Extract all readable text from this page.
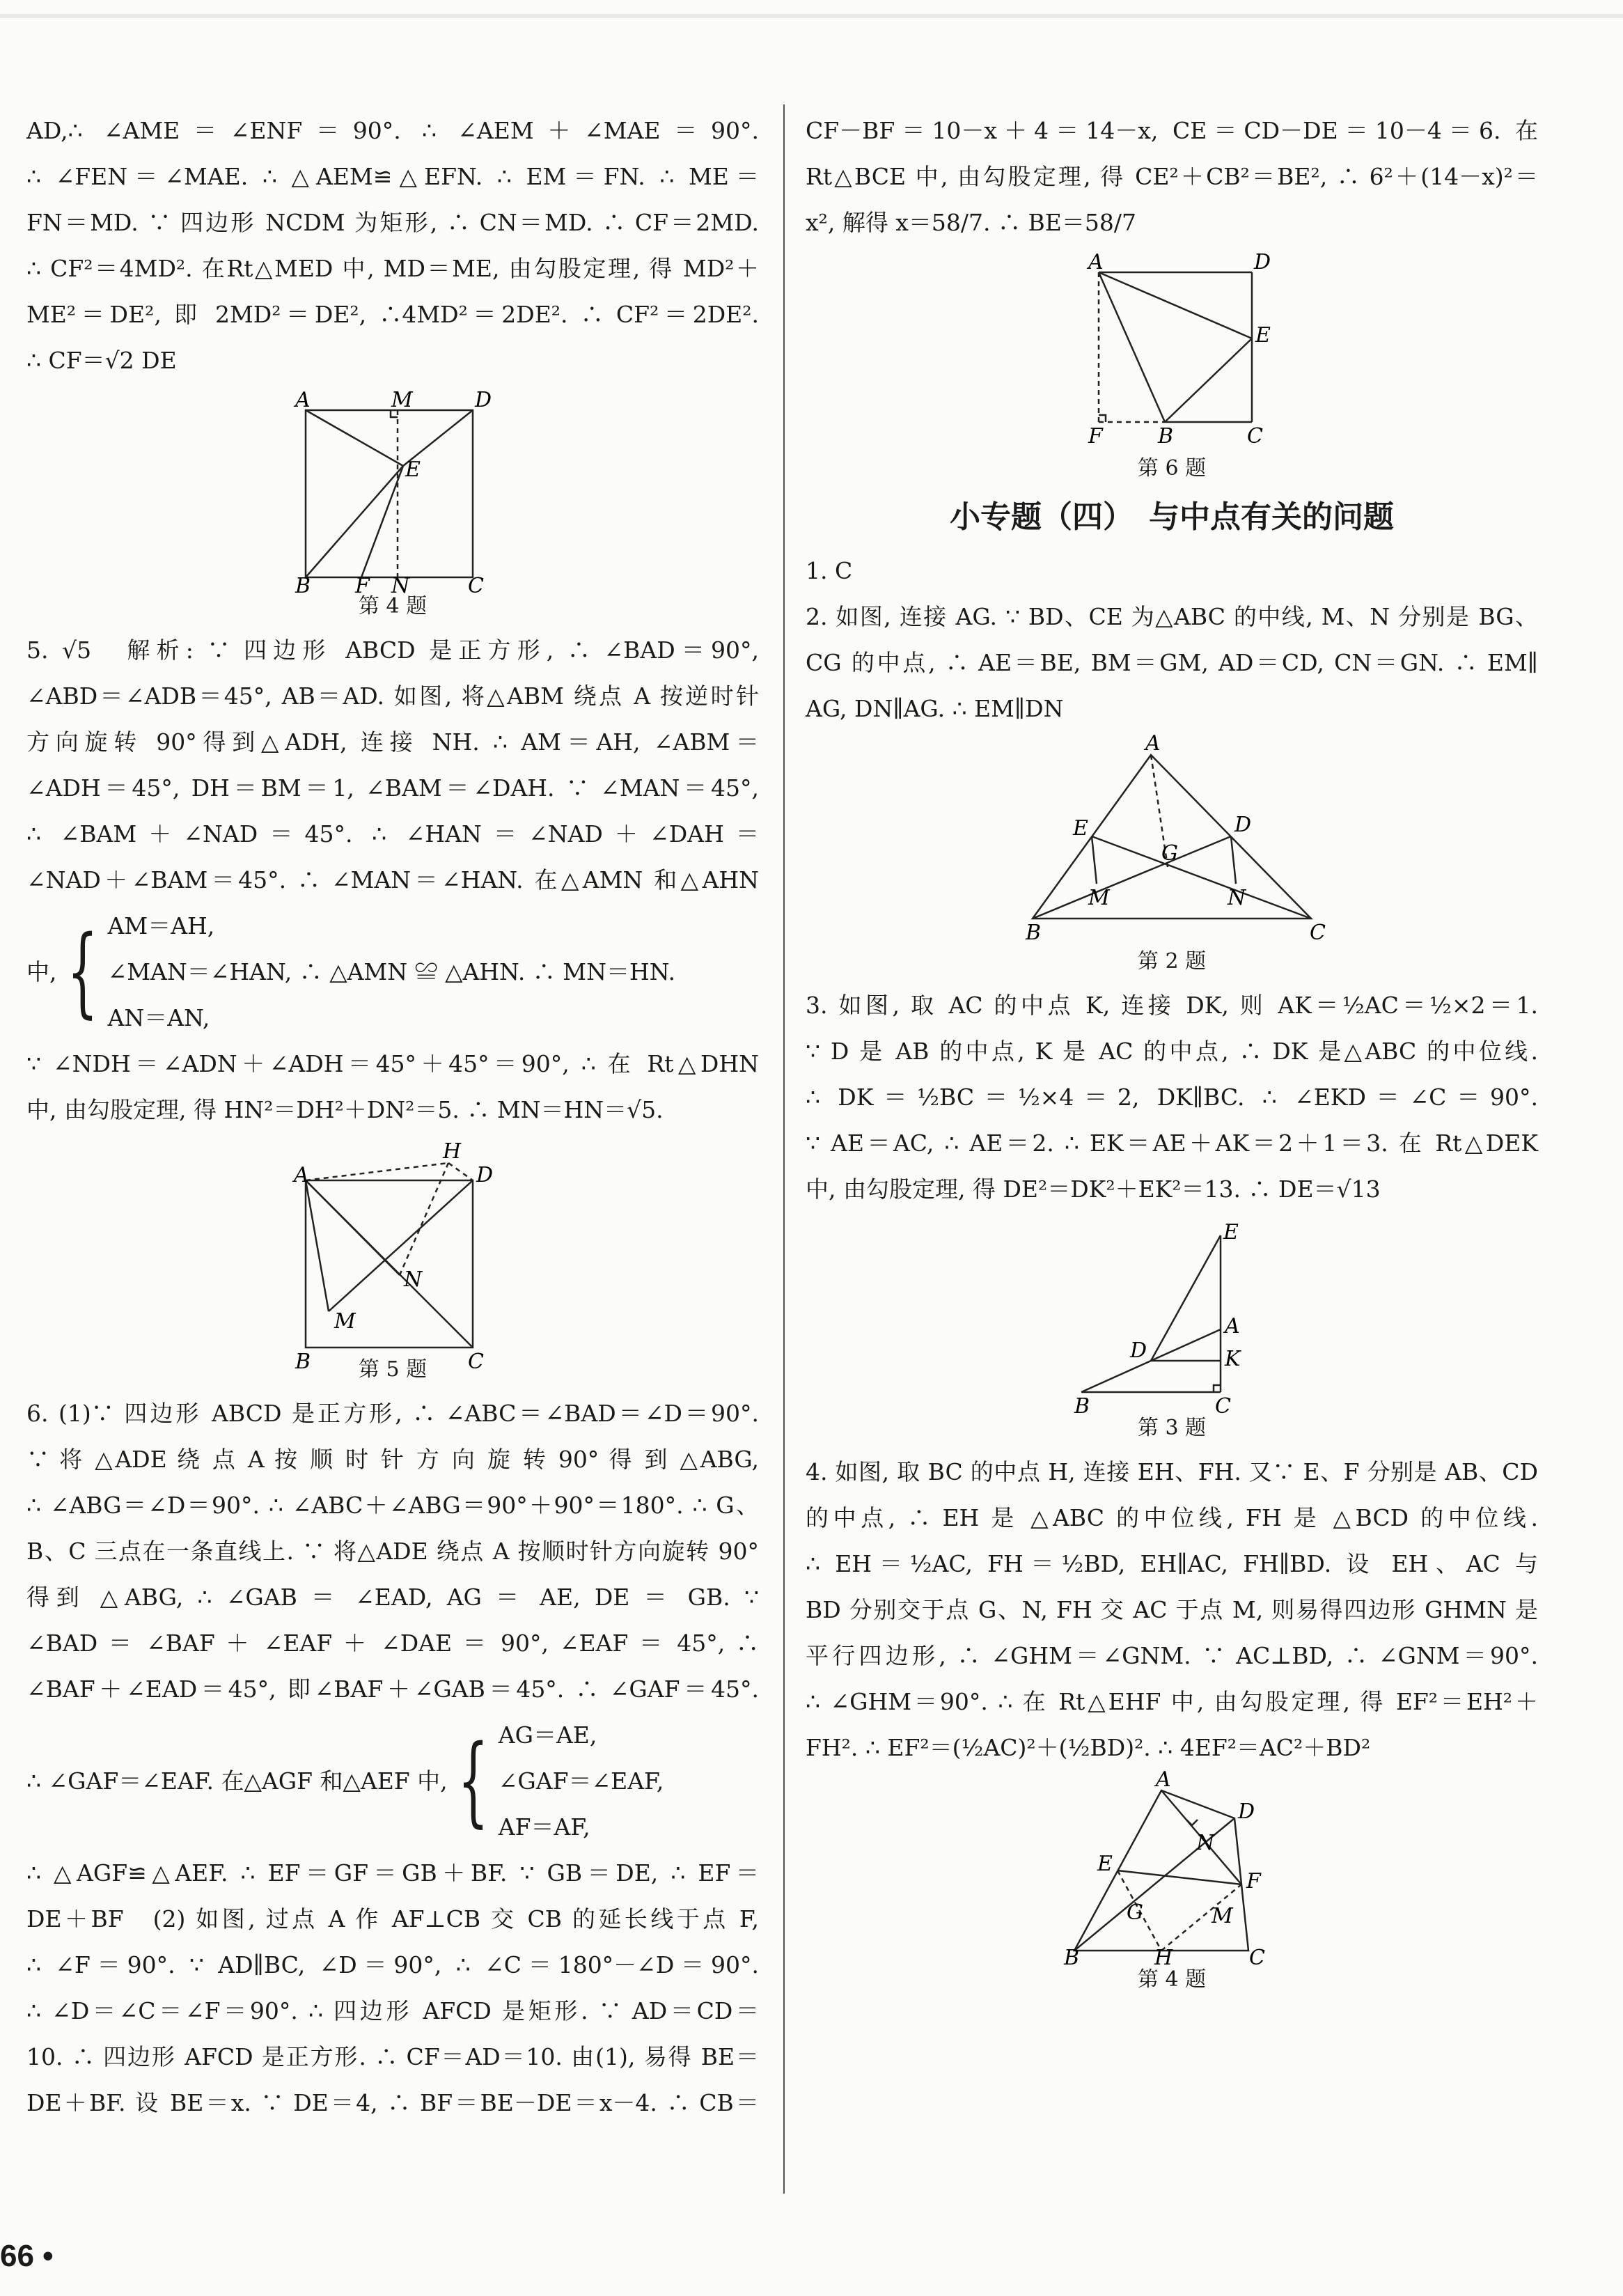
AD,∴ ∠AME＝∠ENF＝90°. ∴ ∠AEM＋∠MAE＝90°.
∴ ∠FEN＝∠MAE. ∴ △AEM≌△EFN. ∴ EM＝FN. ∴ ME＝
FN＝MD. ∵ 四边形 NCDM 为矩形, ∴ CN＝MD. ∴ CF＝2MD.
∴ CF²＝4MD². 在Rt△MED 中, MD＝ME, 由勾股定理, 得 MD²＋
ME²＝DE², 即 2MD²＝DE², ∴4MD²＝2DE². ∴ CF²＝2DE².
∴ CF＝√2 DE
A	M	D
E
B F N	C
第 4 题
5. √5　解析: ∵ 四边形 ABCD 是正方形, ∴ ∠BAD＝90°,
∠ABD＝∠ADB＝45°, AB＝AD. 如图, 将△ABM 绕点 A 按逆时针
方向旋转 90°得到△ADH, 连接 NH. ∴ AM＝AH, ∠ABM＝
∠ADH＝45°, DH＝BM＝1, ∠BAM＝∠DAH. ∵ ∠MAN＝45°,
∴ ∠BAM＋∠NAD＝45°. ∴ ∠HAN＝∠NAD＋∠DAH＝
∠NAD＋∠BAM＝45°. ∴ ∠MAN＝∠HAN. 在△AMN 和△AHN
中, { AM＝AH,
∠MAN＝∠HAN, ∴ △AMN ≌ △AHN. ∴ MN＝HN.
AN＝AN,
∵ ∠NDH＝∠ADN＋∠ADH＝45°＋45°＝90°, ∴ 在 Rt△DHN
中, 由勾股定理, 得 HN²＝DH²＋DN²＝5. ∴ MN＝HN＝√5.
H
A	D
N
M
B	C
第 5 题
6. (1)∵ 四边形 ABCD 是正方形, ∴ ∠ABC＝∠BAD＝∠D＝90°.
∵ 将 △ADE 绕 点 A 按 顺 时 针 方 向 旋 转 90° 得 到 △ABG,
∴ ∠ABG＝∠D＝90°. ∴ ∠ABC＋∠ABG＝90°＋90°＝180°. ∴ G、
B、C 三点在一条直线上. ∵ 将△ADE 绕点 A 按顺时针方向旋转 90°
得到 △ABG, ∴ ∠GAB ＝ ∠EAD, AG ＝ AE, DE ＝ GB. ∵
∠BAD ＝ ∠BAF ＋ ∠EAF ＋ ∠DAE ＝ 90°, ∠EAF ＝ 45°, ∴
∠BAF＋∠EAD＝45°, 即∠BAF＋∠GAB＝45°. ∴ ∠GAF＝45°.
∴ ∠GAF＝∠EAF. 在△AGF 和△AEF 中, { AG＝AE,
∠GAF＝∠EAF,
AF＝AF,
∴ △AGF≌△AEF. ∴ EF＝GF＝GB＋BF. ∵ GB＝DE, ∴ EF＝
DE＋BF　(2) 如图, 过点 A 作 AF⊥CB 交 CB 的延长线于点 F,
∴ ∠F＝90°. ∵ AD∥BC, ∠D＝90°, ∴ ∠C＝180°－∠D＝90°.
∴ ∠D＝∠C＝∠F＝90°. ∴ 四边形 AFCD 是矩形. ∵ AD＝CD＝
10. ∴ 四边形 AFCD 是正方形. ∴ CF＝AD＝10. 由(1), 易得 BE＝
DE＋BF. 设 BE＝x. ∵ DE＝4, ∴ BF＝BE－DE＝x－4. ∴ CB＝
CF－BF＝10－x＋4＝14－x, CE＝CD－DE＝10－4＝6. 在
Rt△BCE 中, 由勾股定理, 得 CE²＋CB²＝BE², ∴ 6²＋(14－x)²＝
x², 解得 x＝58/7. ∴ BE＝58/7
A	D
E
F	B	C
第 6 题
小专题（四）　与中点有关的问题
1. C
2. 如图, 连接 AG. ∵ BD、CE 为△ABC 的中线, M、N 分别是 BG、
CG 的中点, ∴ AE＝BE, BM＝GM, AD＝CD, CN＝GN. ∴ EM∥
AG, DN∥AG. ∴ EM∥DN
A
E	D
G
M	N
B	C
第 2 题
3. 如图, 取 AC 的中点 K, 连接 DK, 则 AK＝½AC＝½×2＝1.
∵ D 是 AB 的中点, K 是 AC 的中点, ∴ DK 是△ABC 的中位线.
∴ DK＝½BC＝½×4＝2, DK∥BC. ∴ ∠EKD＝∠C＝90°.
∵ AE＝AC, ∴ AE＝2. ∴ EK＝AE＋AK＝2＋1＝3. 在 Rt△DEK
中, 由勾股定理, 得 DE²＝DK²＋EK²＝13. ∴ DE＝√13
E
A
D	K
B	C
第 3 题
4. 如图, 取 BC 的中点 H, 连接 EH、FH. 又∵ E、F 分别是 AB、CD
的中点, ∴ EH 是 △ABC 的中位线, FH 是 △BCD 的中位线.
∴ EH＝½AC, FH＝½BD, EH∥AC, FH∥BD. 设 EH、AC 与
BD 分别交于点 G、N, FH 交 AC 于点 M, 则易得四边形 GHMN 是
平行四边形, ∴ ∠GHM＝∠GNM. ∵ AC⊥BD, ∴ ∠GNM＝90°.
∴ ∠GHM＝90°. ∴ 在 Rt△EHF 中, 由勾股定理, 得 EF²＝EH²＋
FH². ∴ EF²＝(½AC)²＋(½BD)². ∴ 4EF²＝AC²＋BD²
A
D
N
E
F
G	M
B	H	C
第 4 题
66 •
